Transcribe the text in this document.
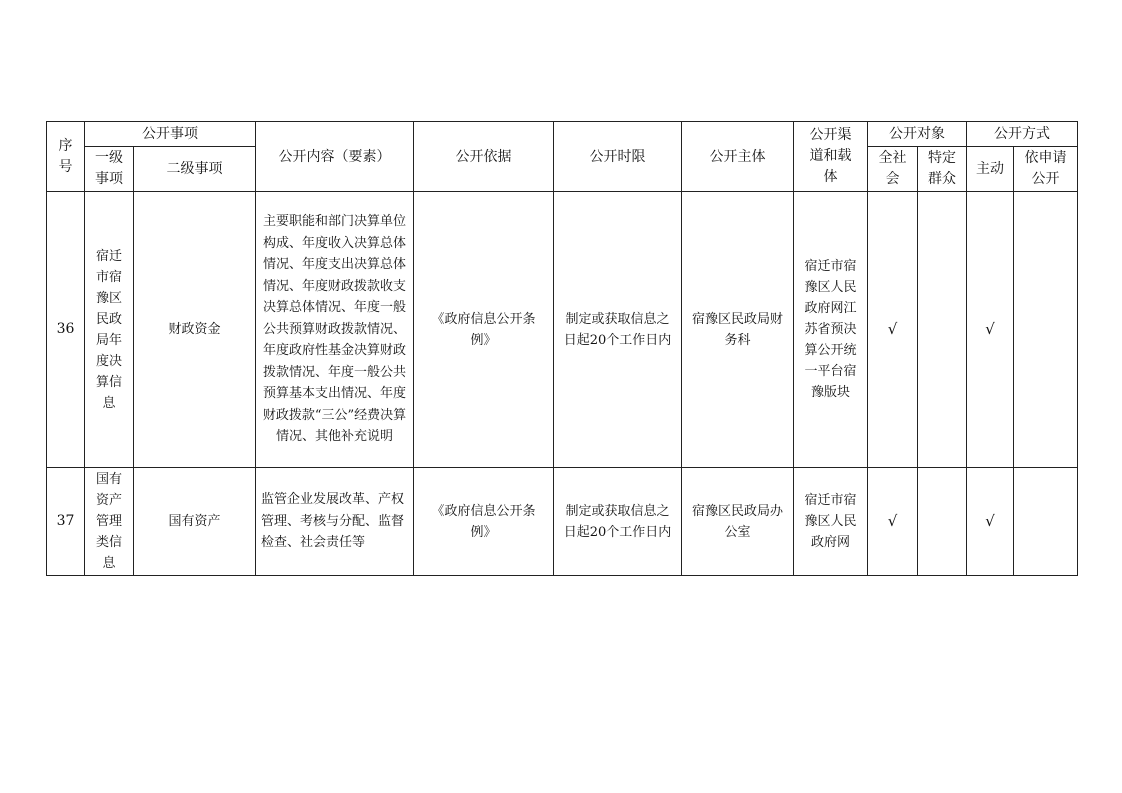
序号	公开事项		公开内容（要素）	公开依据	公开时限	公开主体	公开渠道和载体	公开对象		公开方式	
	一级事项	二级事项						全社会	特定群众	主动	依申请公开
36	宿迁市宿豫区民政局年度决算信息	财政资金	主要职能和部门决算单位构成、年度收入决算总体情况、年度支出决算总体情况、年度财政拨款收支决算总体情况、年度一般公共预算财政拨款情况、年度政府性基金决算财政拨款情况、年度一般公共预算基本支出情况、年度财政拨款“三公”经费决算情况、其他补充说明	《政府信息公开条例》	制定或获取信息之日起20个工作日内	宿豫区民政局财务科	宿迁市宿豫区人民政府网江苏省预决算公开统一平台宿豫版块	√		√	
37	国有资产管理类信息	国有资产	监管企业发展改革、产权管理、考核与分配、监督检查、社会责任等	《政府信息公开条例》	制定或获取信息之日起20个工作日内	宿豫区民政局办公室	宿迁市宿豫区人民政府网	√		√	
